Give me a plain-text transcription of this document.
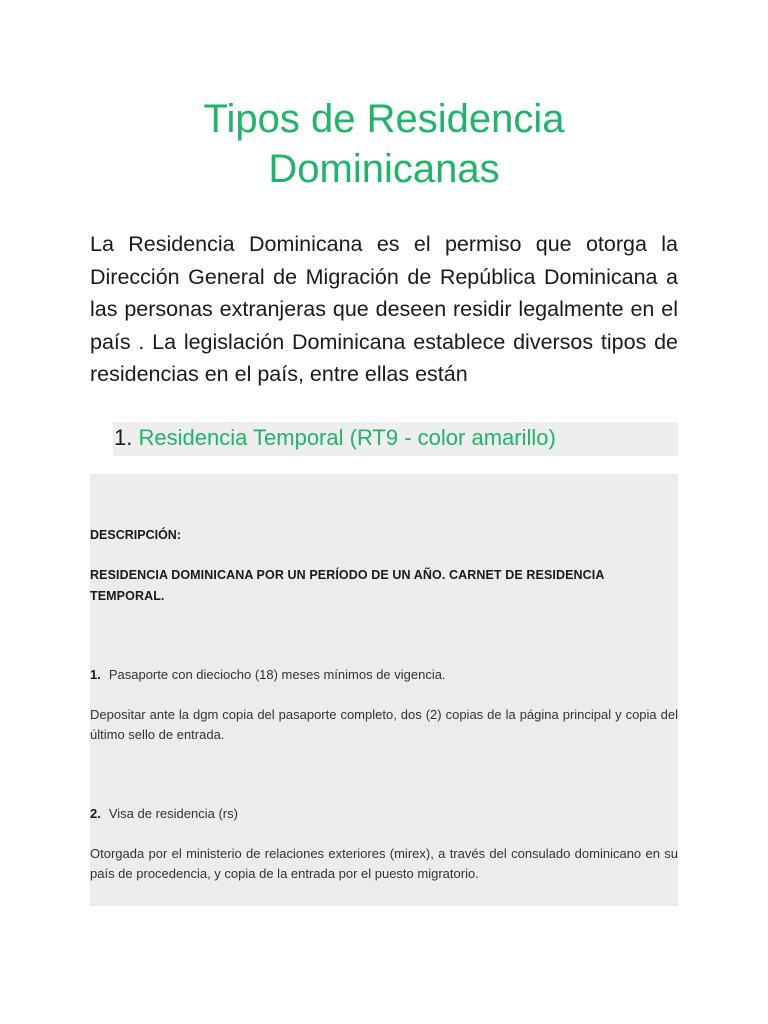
Tipos de Residencia Dominicanas

La Residencia Dominicana es el permiso que otorga la Dirección General de Migración de República Dominicana a las personas extranjeras que deseen residir legalmente en el país . La legislación Dominicana establece diversos tipos de residencias en el país, entre ellas están

1. Residencia Temporal (RT9 - color amarillo)

DESCRIPCIÓN:

RESIDENCIA DOMINICANA POR UN PERÍODO DE UN AÑO. CARNET DE RESIDENCIA TEMPORAL.

1. Pasaporte con dieciocho (18) meses mínimos de vigencia.

Depositar ante la dgm copia del pasaporte completo, dos (2) copias de la página principal y copia del último sello de entrada.

2. Visa de residencia (rs)

Otorgada por el ministerio de relaciones exteriores (mirex), a través del consulado dominicano en su país de procedencia, y copia de la entrada por el puesto migratorio.
